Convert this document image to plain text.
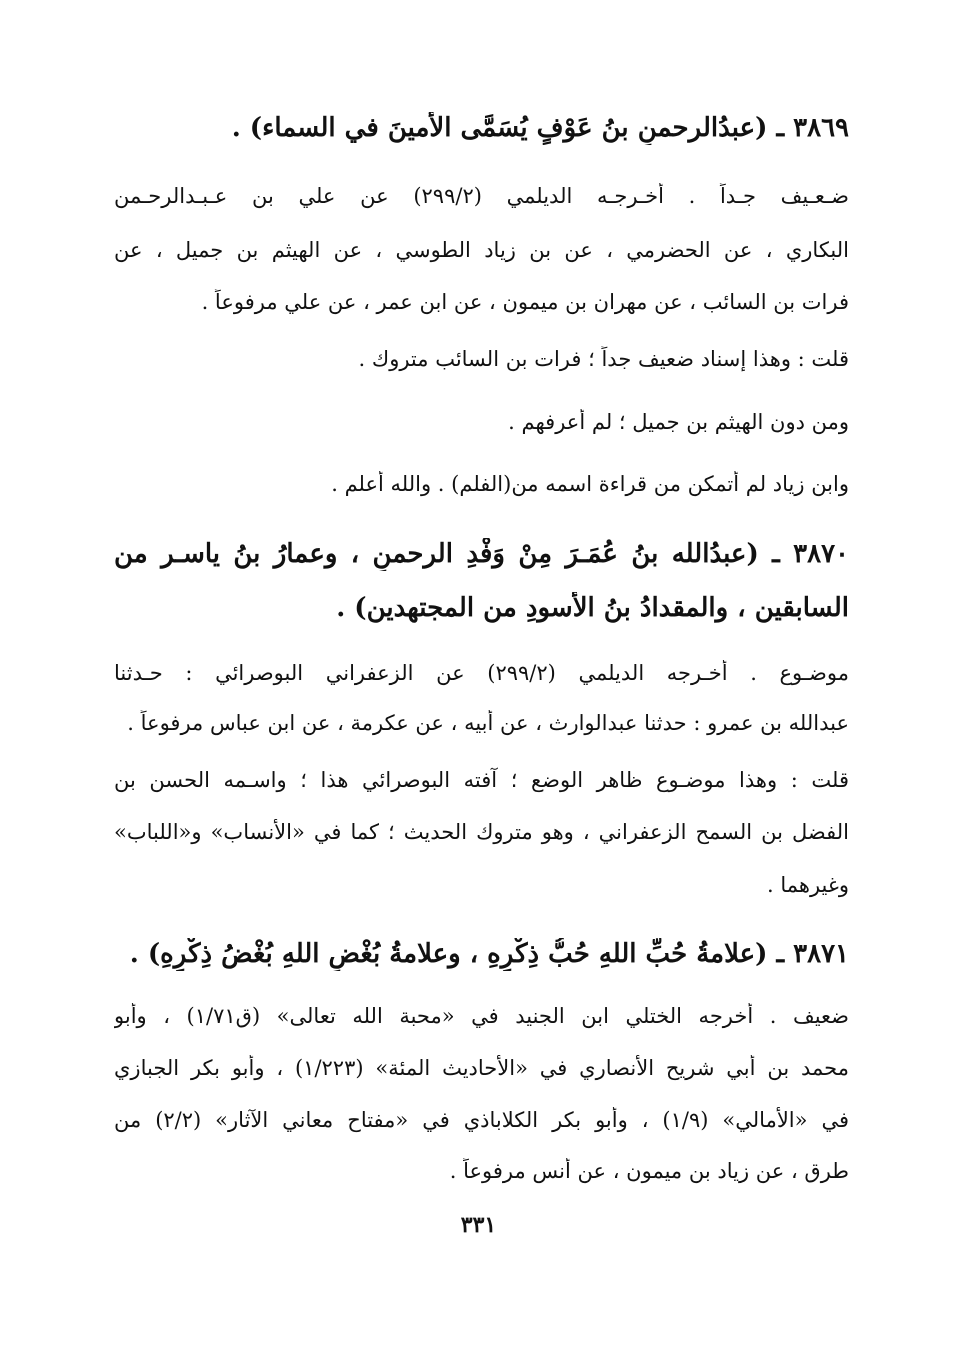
٣٨٦٩ ـ (عبدُالرحمنِ بنُ عَوْفٍ يُسَمَّى الأمينَ في السماء) .
ضـعـيف جـداً . أخـرجـه الديلمي (٢٩٩/٢) عن علي بن عـبـدالرحـمن
البكاري ، عن الحضرمي ، عن بن زياد الطوسي ، عن الهيثم بن جميل ، عن
فرات بن السائب ، عن مهران بن ميمون ، عن ابن عمر ، عن علي مرفوعاً .
قلت : وهذا إسناد ضعيف جداً ؛ فرات بن السائب متروك .
ومن دون الهيثم بن جميل ؛ لم أعرفهم .
وابن زياد لم أتمكن من قراءة اسمه من(الفلم) . والله أعلم .
٣٨٧٠ ـ (عبدُالله بنُ عُمَـرَ مِنْ وَفْدِ الرحمنِ ، وعمارُ بنُ ياسـر من
السابقين ، والمقدادُ بنُ الأسودِ من المجتهدين) .
موضـوع . أخـرجه الديلمي (٢٩٩/٢) عن الزعفراني البوصرائي : حـدثنا
عبدالله بن عمرو : حدثنا عبدالوارث ، عن أبيه ، عن عكرمة ، عن ابن عباس مرفوعاً .
قلت : وهذا موضـوع ظاهر الوضع ؛ آفته البوصرائي هذا ؛ واسـمه الحسن بن
الفضل بن السمح الزعفراني ، وهو متروك الحديث ؛ كما في «الأنساب» و«اللباب»
وغيرهما .
٣٨٧١ ـ (علامةُ حُبِّ اللهِ حُبُّ ذِكْرِهِ ، وعلامةُ بُغْضِ اللهِ بُغْضُ ذِكْرِهِ) .
ضعيف . أخرجه الختلي ابن الجنيد في «محبة الله تعالى» (ق١/٧١) ، وأبو
محمد بن أبي شريح الأنصاري في «الأحاديث المئة» (١/٢٢٣) ، وأبو بكر الجبازي
في «الأمالي» (١/٩) ، وأبو بكر الكلاباذي في «مفتاح معاني الآثار» (٢/٢) من
طرق ، عن زياد بن ميمون ، عن أنس مرفوعاً .
٣٣١
